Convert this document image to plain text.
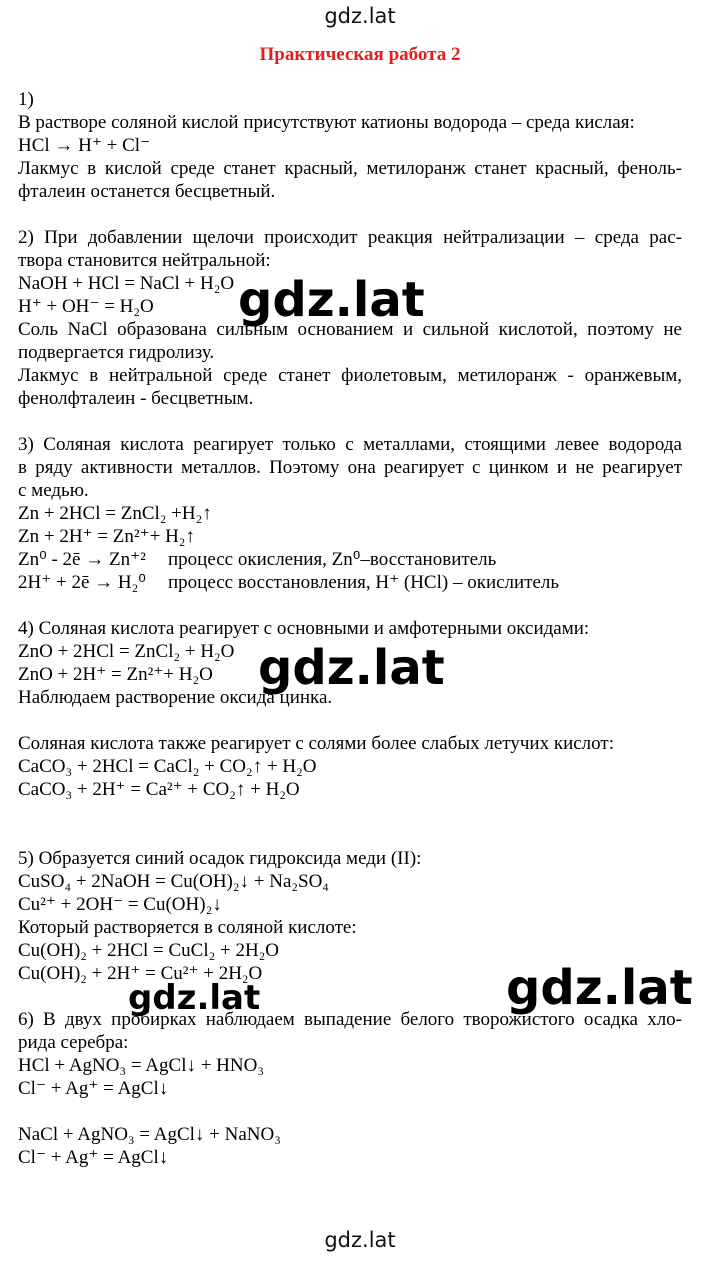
gdz.lat
Практическая работа 2
1)
В растворе соляной кислой присутствуют катионы водорода – среда кислая:
HCl → H⁺ + Cl⁻
Лакмус в кислой среде станет красный, метилоранж станет красный, феноль-
фталеин останется бесцветный.
2) При добавлении щелочи происходит реакция нейтрализации – среда рас-
твора становится нейтральной:
NaOH + HCl = NaCl + H₂O
H⁺ + OH⁻ = H₂O
Соль NaCl образована сильным основанием и сильной кислотой, поэтому не
подвергается гидролизу.
Лакмус в нейтральной среде станет фиолетовым, метилоранж - оранжевым,
фенолфталеин - бесцветным.
3) Соляная кислота реагирует только с металлами, стоящими левее водорода
в ряду активности металлов. Поэтому она реагирует с цинком и не реагирует
с медью.
Zn + 2HCl = ZnCl₂ +H₂↑
Zn + 2H⁺ = Zn²⁺+ H₂↑
Zn⁰ - 2ē → Zn⁺² процесс окисления, Zn⁰–восстановитель
2H⁺ + 2ē → H₂⁰ процесс восстановления, H⁺ (HCl) – окислитель
4) Соляная кислота реагирует с основными и амфотерными оксидами:
ZnO + 2HCl = ZnCl₂ + H₂O
ZnO + 2H⁺ = Zn²⁺+ H₂O
Наблюдаем растворение оксида цинка.
Соляная кислота также реагирует с солями более слабых летучих кислот:
CaCO₃ + 2HCl = CaCl₂ + CO₂↑ + H₂O
CaCO₃ + 2H⁺ = Ca²⁺ + CO₂↑ + H₂O
5) Образуется синий осадок гидроксида меди (II):
CuSO₄ + 2NaOH = Cu(OH)₂↓ + Na₂SO₄
Cu²⁺ + 2OH⁻ = Cu(OH)₂↓
Который растворяется в соляной кислоте:
Cu(OH)₂ + 2HCl = CuCl₂ + 2H₂O
Cu(OH)₂ + 2H⁺ = Cu²⁺ + 2H₂O
6) В двух пробирках наблюдаем выпадение белого творожистого осадка хло-
рида серебра:
HCl + AgNO₃ = AgCl↓ + HNO₃
Cl⁻ + Ag⁺ = AgCl↓
NaCl + AgNO₃ = AgCl↓ + NaNO₃
Cl⁻ + Ag⁺ = AgCl↓
gdz.lat
gdz.lat
gdz.lat	gdz.lat
gdz.lat
